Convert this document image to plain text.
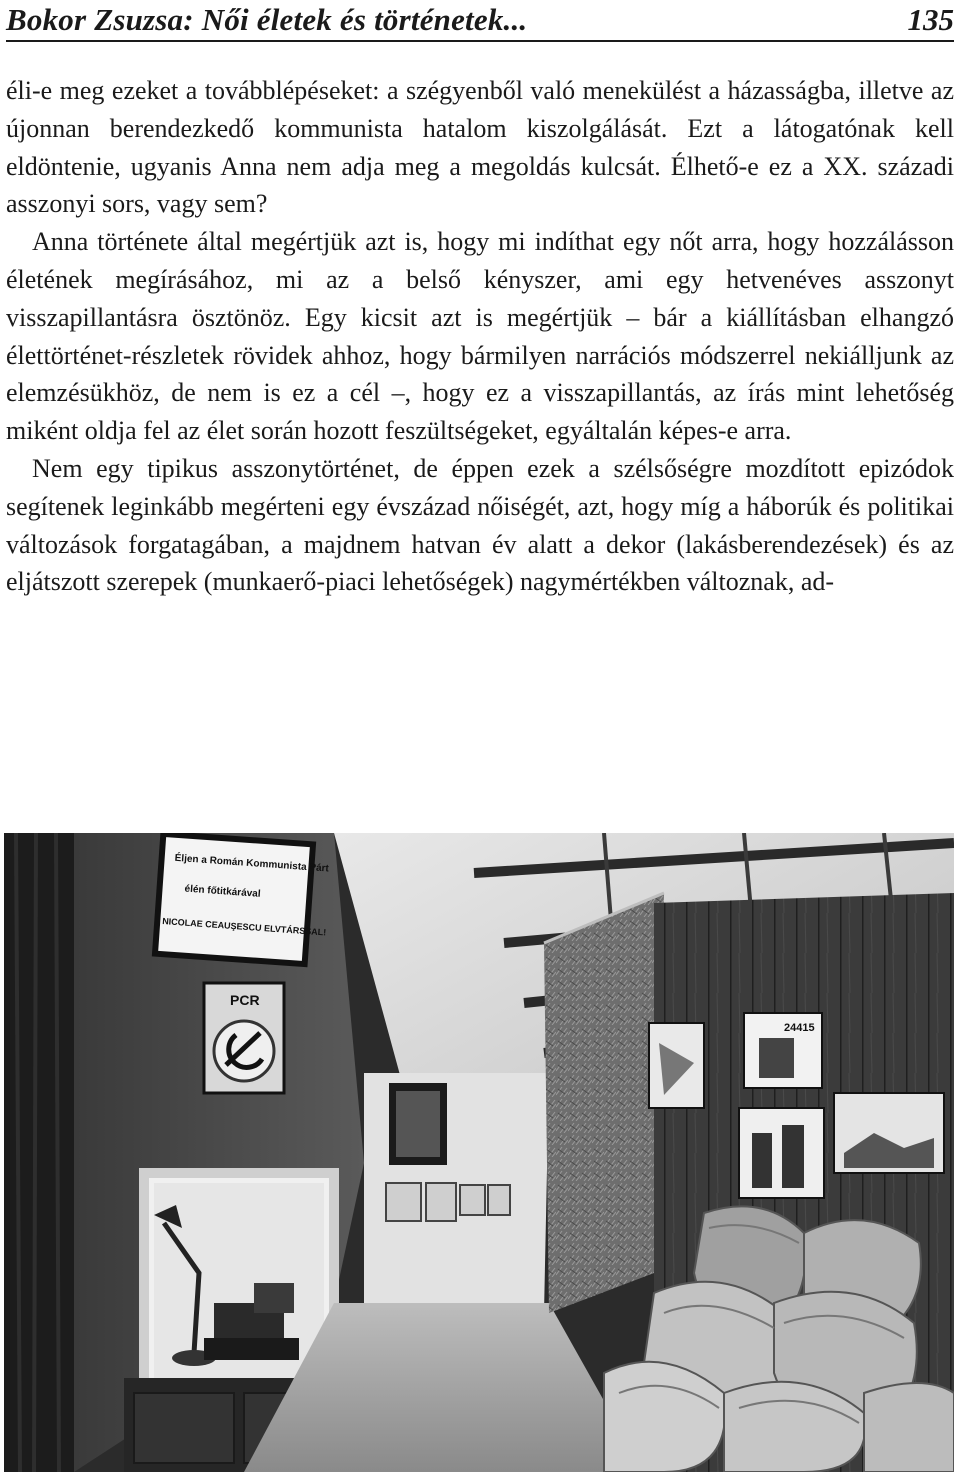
Bokor Zsuzsa: Női életek és történetek...	135

éli-e meg ezeket a továbblépéseket: a szégyenből való menekülést a házasságba, illetve az újonnan berendezkedő kommunista hatalom kiszolgálását. Ezt a látogatónak kell eldöntenie, ugyanis Anna nem adja meg a megoldás kulcsát. Élhető-e ez a XX. századi asszonyi sors, vagy sem?

Anna története által megértjük azt is, hogy mi indíthat egy nőt arra, hogy hozzálásson életének megírásához, mi az a belső kényszer, ami egy hetvenéves asszonyt visszapillantásra ösztönöz. Egy kicsit azt is megértjük – bár a kiállításban elhangzó élettörténet-részletek rövidek ahhoz, hogy bármilyen narrációs módszerrel nekiálljunk az elemzésükhöz, de nem is ez a cél –, hogy ez a visszapillantás, az írás mint lehetőség miként oldja fel az élet során hozott feszültségeket, egyáltalán képes-e arra.

Nem egy tipikus asszonytörténet, de éppen ezek a szélsőségre mozdított epizódok segítenek leginkább megérteni egy évszázad nőiségét, azt, hogy míg a háborúk és politikai változások forgatagában, a majdnem hatvan év alatt a dekor (lakásberendezések) és az eljátszott szerepek (munkaerő-piaci lehetőségek) nagymértékben változnak, ad-

Éljen a Román Kommunista Párt
élén főtitkárával
NICOLAE CEAUŞESCU ELVTÁRSSAL!
PCR
24415
